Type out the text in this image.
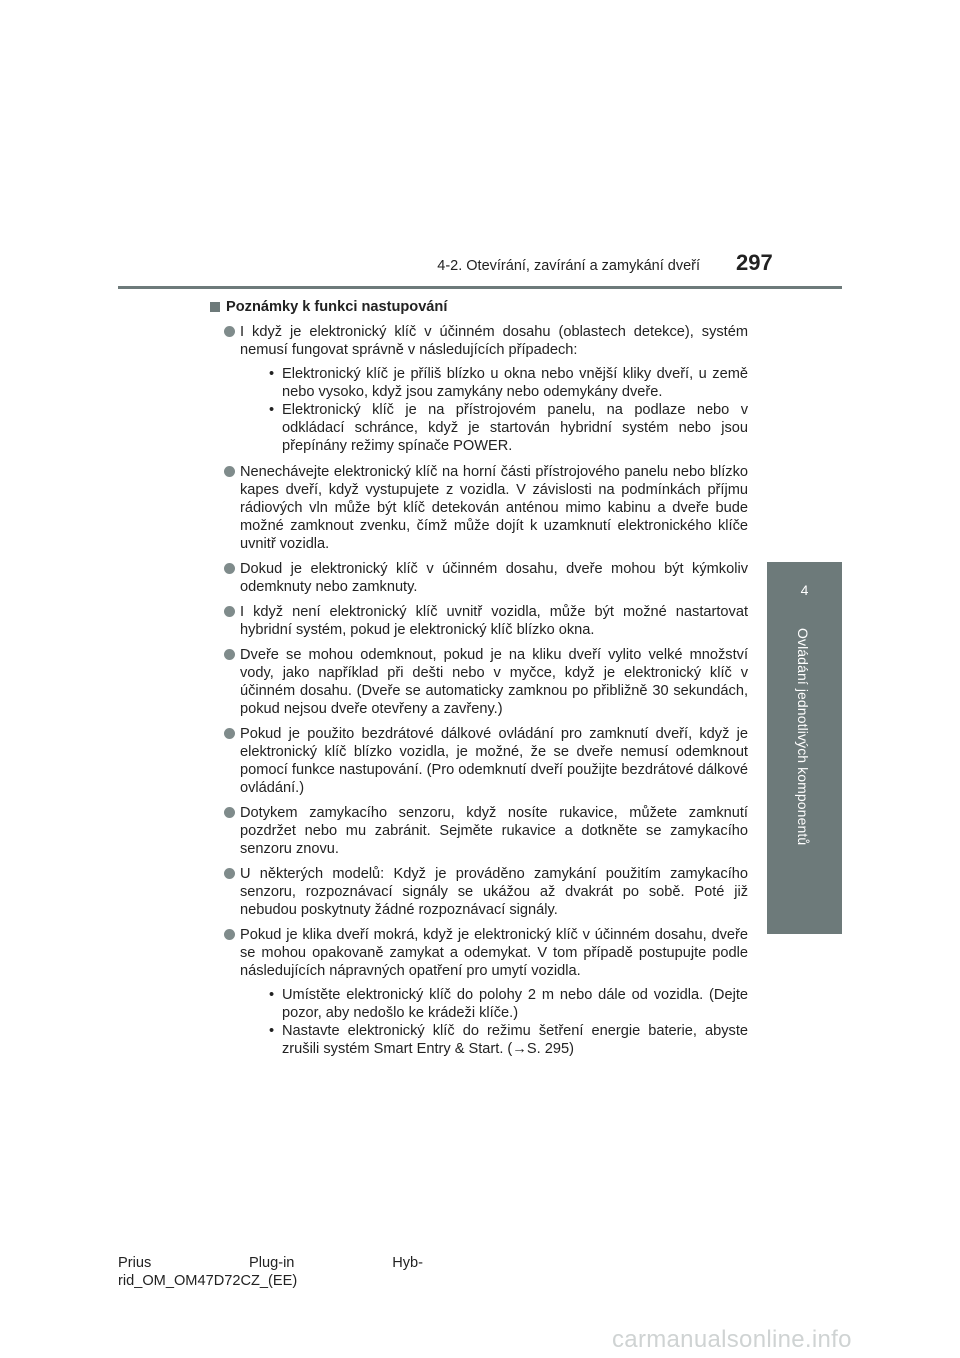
4-2. Otevírání, zavírání a zamykání dveří 297
4
Ovládání jednotlivých komponentů
Poznámky k funkci nastupování
I když je elektronický klíč v účinném dosahu (oblastech detekce), systém nemusí fungovat správně v následujících případech:
• Elektronický klíč je příliš blízko u okna nebo vnější kliky dveří, u země nebo vysoko, když jsou zamykány nebo odemykány dveře.
• Elektronický klíč je na přístrojovém panelu, na podlaze nebo v odkládací schránce, když je startován hybridní systém nebo jsou přepínány režimy spínače POWER.
Nenechávejte elektronický klíč na horní části přístrojového panelu nebo blízko kapes dveří, když vystupujete z vozidla. V závislosti na podmínkách příjmu rádiových vln může být klíč detekován anténou mimo kabinu a dveře bude možné zamknout zvenku, čímž může dojít k uzamknutí elektronického klíče uvnitř vozidla.
Dokud je elektronický klíč v účinném dosahu, dveře mohou být kýmkoliv odemknuty nebo zamknuty.
I když není elektronický klíč uvnitř vozidla, může být možné nastartovat hybridní systém, pokud je elektronický klíč blízko okna.
Dveře se mohou odemknout, pokud je na kliku dveří vylito velké množství vody, jako například při dešti nebo v myčce, když je elektronický klíč v účinném dosahu. (Dveře se automaticky zamknou po přibližně 30 sekundách, pokud nejsou dveře otevřeny a zavřeny.)
Pokud je použito bezdrátové dálkové ovládání pro zamknutí dveří, když je elektronický klíč blízko vozidla, je možné, že se dveře nemusí odemknout pomocí funkce nastupování. (Pro odemknutí dveří použijte bezdrátové dálkové ovládání.)
Dotykem zamykacího senzoru, když nosíte rukavice, můžete zamknutí pozdržet nebo mu zabránit. Sejměte rukavice a dotkněte se zamykacího senzoru znovu.
U některých modelů: Když je prováděno zamykání použitím zamykacího senzoru, rozpoznávací signály se ukážou až dvakrát po sobě. Poté již nebudou poskytnuty žádné rozpoznávací signály.
Pokud je klika dveří mokrá, když je elektronický klíč v účinném dosahu, dveře se mohou opakovaně zamykat a odemykat. V tom případě postupujte podle následujících nápravných opatření pro umytí vozidla.
• Umístěte elektronický klíč do polohy 2 m nebo dále od vozidla. (Dejte pozor, aby nedošlo ke krádeži klíče.)
• Nastavte elektronický klíč do režimu šetření energie baterie, abyste zrušili systém Smart Entry & Start. (→S. 295)
Prius	Plug-in	Hyb-
rid_OM_OM47D72CZ_(EE)
carmanualsonline.info
